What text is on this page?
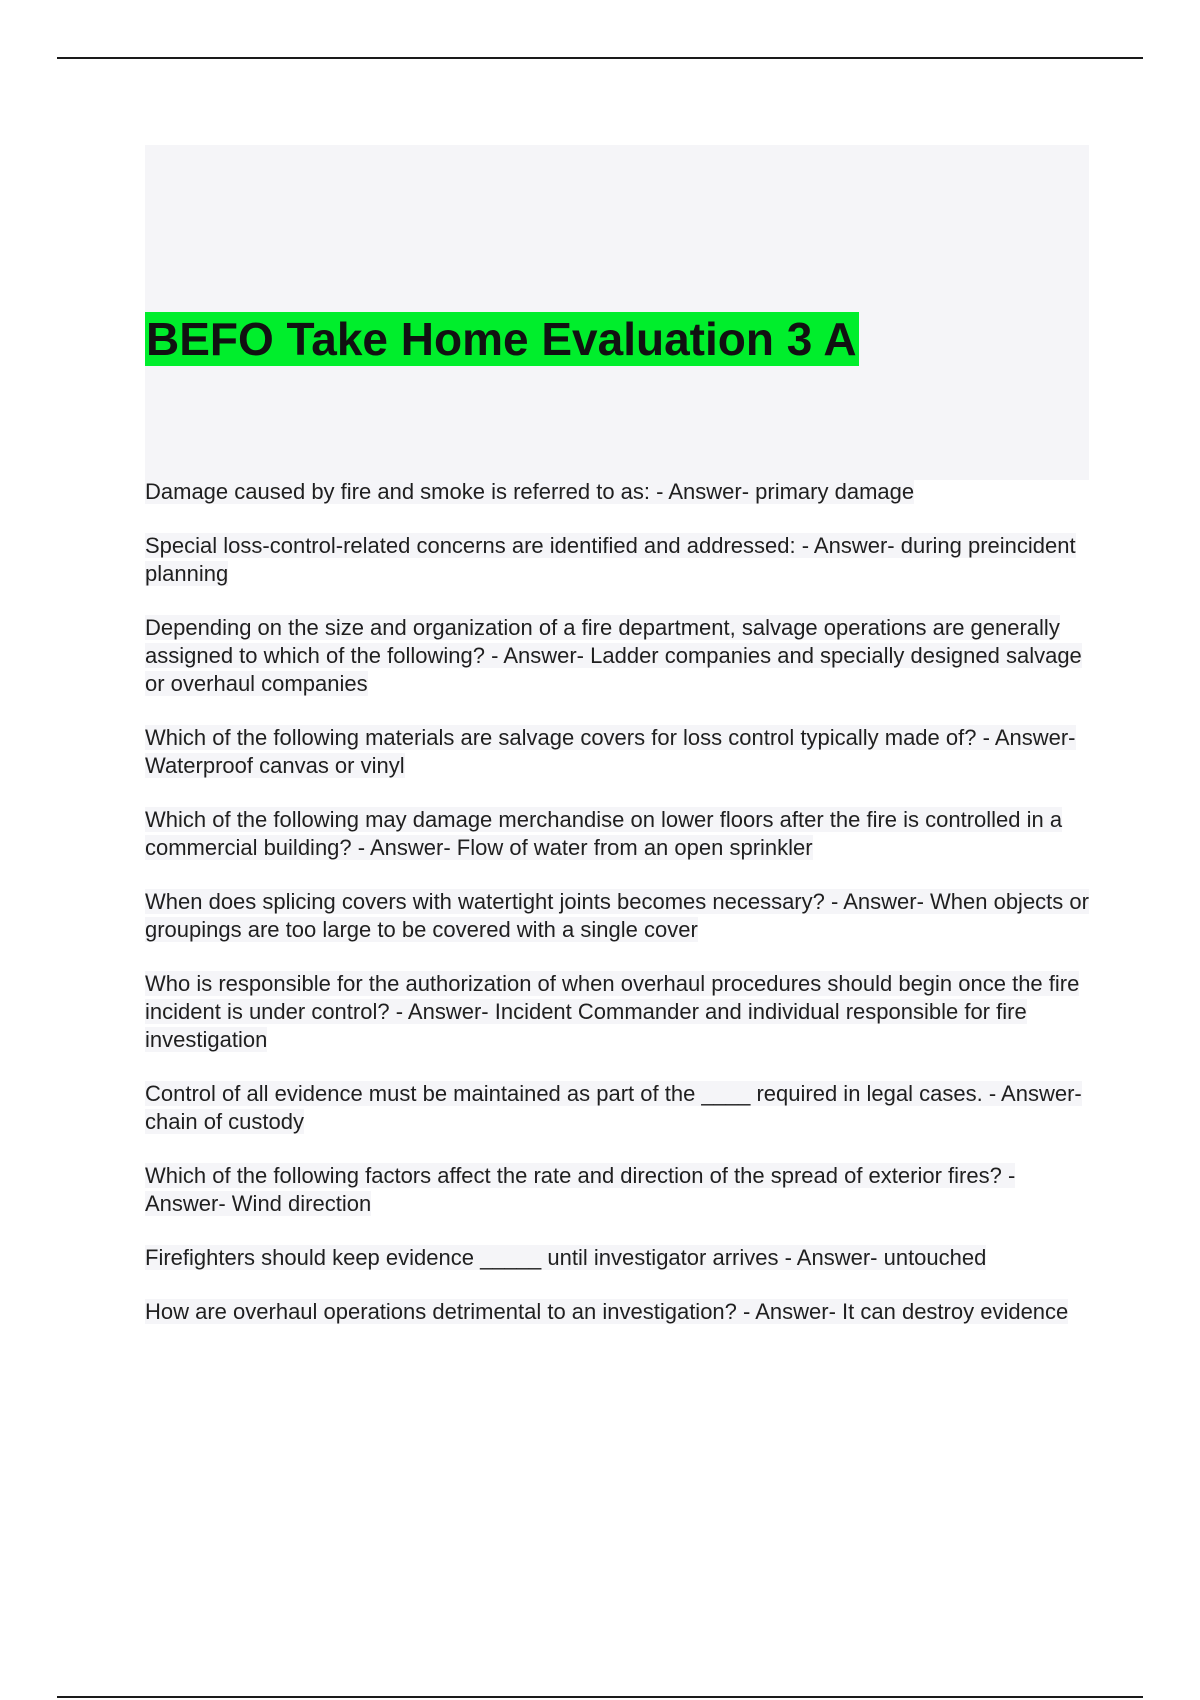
BEFO Take Home Evaluation 3 A
Damage caused by fire and smoke is referred to as: - Answer- primary damage
Special loss-control-related concerns are identified and addressed: - Answer- during preincident planning
Depending on the size and organization of a fire department, salvage operations are generally assigned to which of the following? - Answer- Ladder companies and specially designed salvage or overhaul companies
Which of the following materials are salvage covers for loss control typically made of? - Answer- Waterproof canvas or vinyl
Which of the following may damage merchandise on lower floors after the fire is controlled in a commercial building? - Answer- Flow of water from an open sprinkler
When does splicing covers with watertight joints becomes necessary? - Answer- When objects or groupings are too large to be covered with a single cover
Who is responsible for the authorization of when overhaul procedures should begin once the fire incident is under control? - Answer- Incident Commander and individual responsible for fire investigation
Control of all evidence must be maintained as part of the ____ required in legal cases. - Answer- chain of custody
Which of the following factors affect the rate and direction of the spread of exterior fires? - Answer- Wind direction
Firefighters should keep evidence _____ until investigator arrives - Answer- untouched
How are overhaul operations detrimental to an investigation? - Answer- It can destroy evidence
